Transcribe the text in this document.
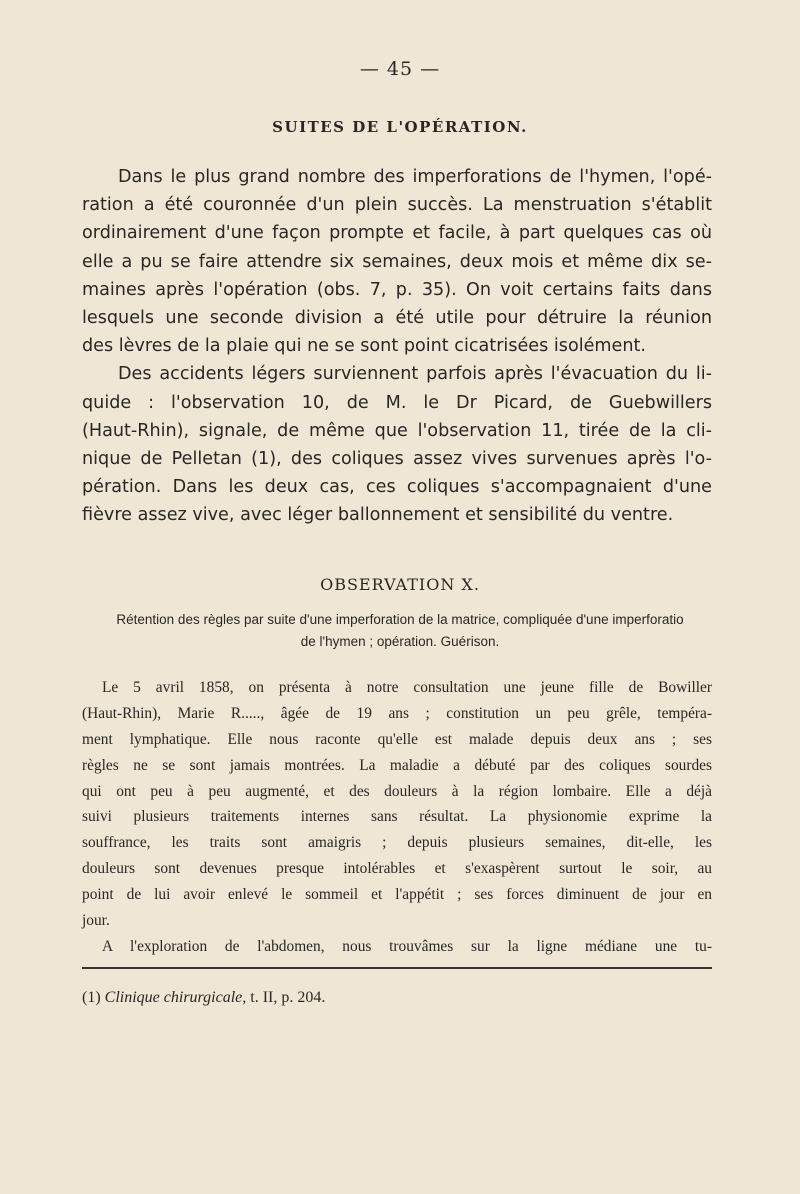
— 45 —
SUITES DE L'OPÉRATION.
Dans le plus grand nombre des imperforations de l'hymen, l'opé-
ration a été couronnée d'un plein succès. La menstruation s'établit
ordinairement d'une façon prompte et facile, à part quelques cas où
elle a pu se faire attendre six semaines, deux mois et même dix se-
maines après l'opération (obs. 7, p. 35). On voit certains faits dans
lesquels une seconde division a été utile pour détruire la réunion
des lèvres de la plaie qui ne se sont point cicatrisées isolément.
Des accidents légers surviennent parfois après l'évacuation du li-
quide : l'observation 10, de M. le Dr Picard, de Guebwillers
(Haut-Rhin), signale, de même que l'observation 11, tirée de la cli-
nique de Pelletan (1), des coliques assez vives survenues après l'o-
pération. Dans les deux cas, ces coliques s'accompagnaient d'une
fièvre assez vive, avec léger ballonnement et sensibilité du ventre.
OBSERVATION X.
Rétention des règles par suite d'une imperforation de la matrice, compliquée d'une imperforatio
de l'hymen ; opération. Guérison.
Le 5 avril 1858, on présenta à notre consultation une jeune fille de Bowiller
(Haut-Rhin), Marie R....., âgée de 19 ans ; constitution un peu grêle, tempéra-
ment lymphatique. Elle nous raconte qu'elle est malade depuis deux ans ; ses
règles ne se sont jamais montrées. La maladie a débuté par des coliques sourdes
qui ont peu à peu augmenté, et des douleurs à la région lombaire. Elle a déjà
suivi plusieurs traitements internes sans résultat. La physionomie exprime la
souffrance, les traits sont amaigris ; depuis plusieurs semaines, dit-elle, les
douleurs sont devenues presque intolérables et s'exaspèrent surtout le soir, au
point de lui avoir enlevé le sommeil et l'appétit ; ses forces diminuent de jour en
jour.
A l'exploration de l'abdomen, nous trouvâmes sur la ligne médiane une tu-
(1) Clinique chirurgicale, t. II, p. 204.
